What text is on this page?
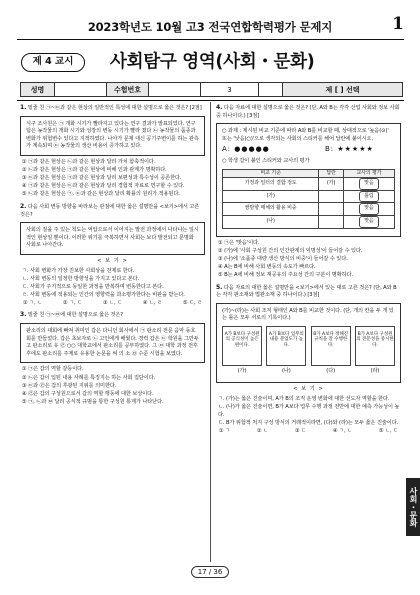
2023학년도 10월 고3 전국연합학력평가 문제지	1
제 4 교시	사회탐구 영역(사회・문화)
성명	수험번호	3	제 [ ] 선택
1. 밑줄 친 ㉠~㉢과 같은 현상의 일반적인 특성에 대한 설명으로 옳은 것은? [2점]
식구 조사원은 ㉠ 개화 시기가 빨라지고 있다는 연구 결과가 발표되었다. 연구 팀은 농작물의 개화 시기와 성장의 변동 시기가 빨라 졌다 ㉡ 농작물의 품종과 변화가 위험변수 있다고 지적하였다. 나아가 문제 대신 공기주변이를 하는 관측가 계속되며 ㉢ 농작물의 생산 비용이 증가하고 있다.
① ㉠과 같은 현상은 ㉡과 같은 현상과 달리 가치 함축적이다.
② ㉡과 같은 현상은 ㉠과 같은 현상에 비해 인과 관계가 명확하다.
③ ㉢과 같은 현상은 ㉠과 같은 현상과 달리 보편성과 특수성이 공존한다.
④ ㉠과 같은 현상은 ㉢과 같은 현상과 달리 경험적 자료로 연구할 수 있다.
⑤ ㉡과 같은 현상은 ㉠, ㉢과 같은 현상과 달리 확률의 원리가 적용된다.
2. 다음 사회 변동 방향을 바라보는 관점에 대한 옳은 설명만을 <보기>에서 고른 것은?
사회의 질을 주 있는 척도는 억압으로서 이어지는 발전 과정에서 나타나는 일시적인 현상일 뿐이다. 이러한 위기를 극복하면서 사회는 보다 발전되고 문명화 사회로 나아간다.
< 보 기 >
ㄱ. 사회 변화가 가장 진보한 사회상을 전제로 한다.
ㄴ. 사회 변동의 일정한 방향성을 가지고 있다고 본다.
ㄷ. 사회가 주기적으로 동일한 과정을 반복하며 변동한다고 본다.
ㄹ. 사회 변동에 적용되는 인간의 영향력을 과소평가한다는 비판을 받는다.
① ㄱ, ㄴ	② ㄱ, ㄷ	③ ㄴ, ㄷ	④ ㄴ, ㄹ	⑤ ㄷ, ㄹ
3. 밑줄 친 ㉠~㉤에 대한 설명으로 옳은 것은?
판소리의 대회에 빠져 취미인 갑은 다니던 회사에서 ㉠ 판소리 전문 음악 동호회를 만들었다. 갑은 초보자로 ㉡ 고인에게 배웠다. 경력 갑은 ㉢ 학원을 그만두고 판소리로 유 ㉣ ○○ 대학교에서 판소리를 공부하였다. 그 ㉤ 대학 과정 전후 후에도 판소리를 주제로 유용한 논문을 써 의 소 ㉥ 수준 시험을 보였다.
① ㉠은 갑의 역할 갈등이다.
② ㉡은 갑이 입된 내용 사례를 특징지는 하는 사회 집단이다.
③ ㉢과 ㉣은 갑의 후광된 지위를 의미한다.
④ ㉣은 갑의 구성원으로서 갑의 역할 행동에 대한 보상이다.
⑤ ㉠, ㉡과 ㉤ 달리 공식적 규범을 통한 구성원 통제가 나타난다.
4. 다음 자료에 대한 설명으로 옳은 것은? (단, A와 B는 각각 산업 사회와 정보 사회 중 하나이다.) [3점]
○ 과제 : 제시된 비교 기준에 따라 A와 B를 비교할 때, 상대적으로 '높음(⊙)' 또는 '낮음(○)'으로 생각되는 사회의 스티커를 해어 답란에 붙이시오.
A: ●●●●●	B: ★★★★★
○ 학생 갑이 붙인 스티커와 교사의 평가
비교 기준	답란	교사의 평가
가정과 일터의 결합 정도	(가)	맞음
(가)		틀림
쌍방향 매체의 활용 비중		맞음
(나)		맞음
① ㉠은 '맞음'이다.
② (가)에 '사회 구성원 간의 인간관계의 익명성'이 들어갈 수 있다.
③ (나)에 '소품종 대량 생산 방식의 비중'이 들어갈 수 있다.
④ A는 B에 비해 사회 변동의 속도가 빠르다.
⑤ B는 A에 비해 정보 재공유의 주요성 간의 구분이 명확하다.
5. 다음 자료의 대한 옳은 설명만을 <보기>에서 있는 대로 고른 것은? (단, A와 B는 각각 판소재와 법관소재 중 하나이다.) [3점]
(가)~(라)는 사회 조직 형태인 A와 B를 비교한 것이다. (단, 개의 칸을 두 개 있는 틀은 모두 서로의 기록이다.)
A가 B보다 구성원의 공식성이 높은 편이다.
(가)
A가 B보다 업무의 내용 분업도가 높다.
(나)
B가 A보다 정해진 규칙을 잘 수행한다.
(다)
B가 A보다 구성원의 전문성을 중시한다.
(라)
< 보 기 >
ㄱ. (가)는 옳은 진술이며, A가 B의 조직 운영 변화에 대한 선도자 역할을 한다.
ㄴ. (나)가 옳은 진술이면, B가 A보다 업무 수행 과정 전반에 대한 예측 가능성이 높다.
ㄷ. B가 위험적 처지 구성 방식의 거래적이라면, (다)와 (라)는 모두 옳은 진술이다.
① ㄱ	② ㄴ	③ ㄷ	④ ㄱ, ㄴ	⑤ ㄴ, ㄷ
사회・문화
17 / 36
